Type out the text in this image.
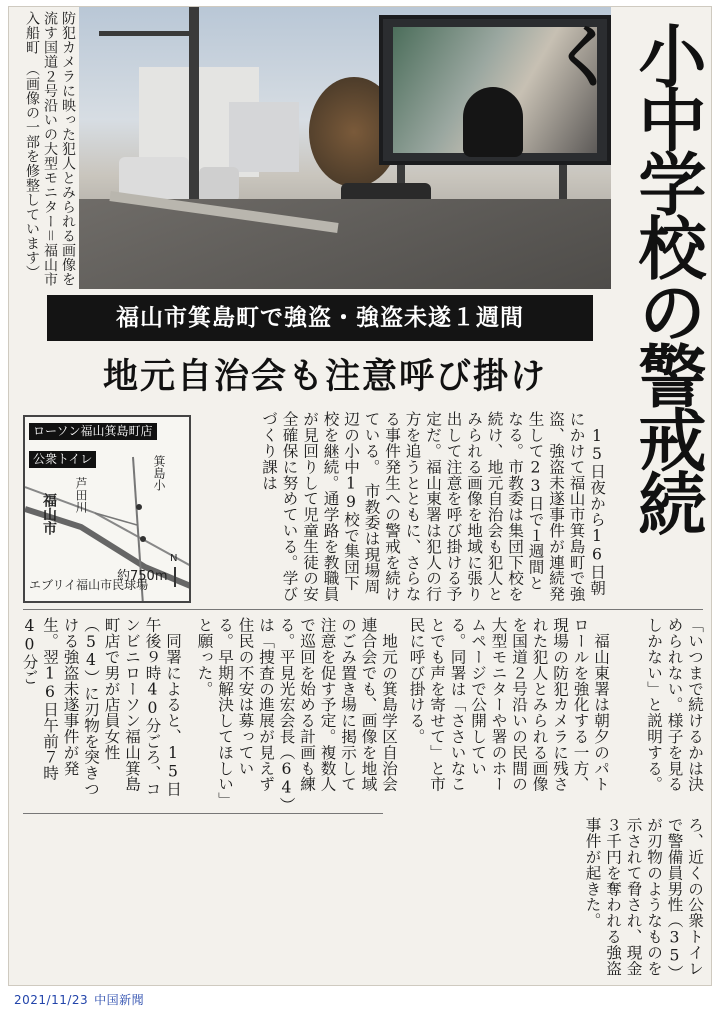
防犯カメラに映った犯人とみられる画像を流す国道２号沿いの大型モニター＝福山市入船町　（画像の一部を修整しています）	小中学校の警戒続く
福山市箕島町で強盗・強盗未遂１週間
地元自治会も注意呼び掛け
ローソン福山箕島町店
公衆トイレ	箕島小
芦田川
福山市
約750m
エブリイ福山市民球場
N	　15日夜から16日朝にかけて福山市箕島町で強盗、強盗未遂事件が連続発生して23日で１週間となる。市教委は集団下校を続け、地元自治会も犯人とみられる画像を地域に張り出して注意を呼び掛ける予定だ。福山東署は犯人の行方を追うとともに、さらなる事件発生への警戒を続けている。　市教委は現場周辺の小中19校で集団下校を継続。通学路を教職員が見回りして児童生徒の安全確保に努めている。学びづくり課は
「いつまで続けるかは決められない。様子を見るしかない」と説明する。
　福山東署は朝夕のパトロールを強化する一方、現場の防犯カメラに残された犯人とみられる画像を国道２号沿いの民間の大型モニターや署のホームページで公開している。同署は「ささいなことでも声を寄せて」と市民に呼び掛ける。
　地元の箕島学区自治会連合会でも、画像を地域のごみ置き場に掲示して注意を促す予定。複数人で巡回を始める計画も練る。平見光宏会長（64）は「捜査の進展が見えず住民の不安は募っている。早期解決してほしい」と願った。
　同署によると、15日午後９時40分ごろ、コンビニローソン福山箕島町店で男が店員女性（54）に刃物を突きつける強盗未遂事件が発生。翌16日午前７時40分ご
ろ、近くの公衆トイレで警備員男性（35）が刃物のようなものを示されて脅され、現金３千円を奪われる強盗事件が起きた。
2021/11/23 中国新聞
